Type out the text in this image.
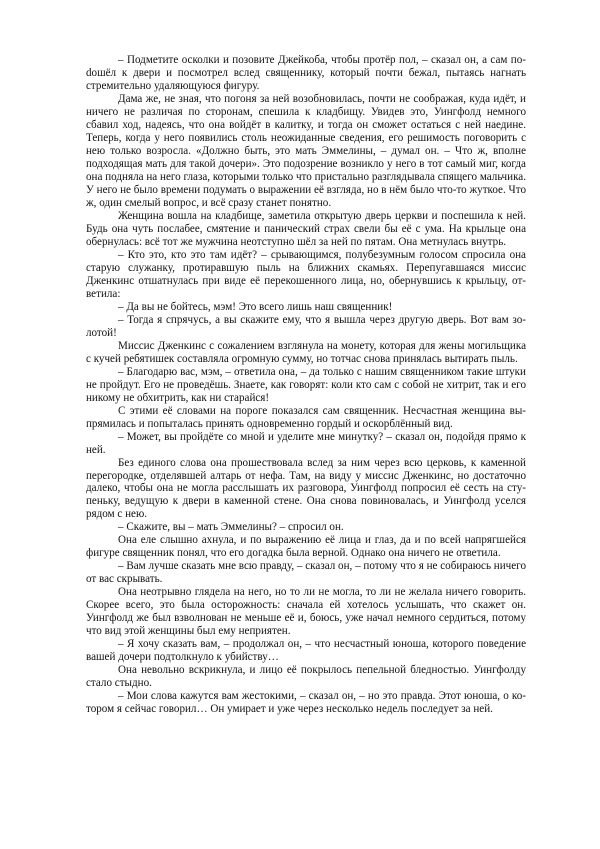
– Подметите осколки и позовите Джейкоба, чтобы протёр пол, – сказал он, а сам поdошёл к двери и посмотрел вслед священнику, который почти бежал, пытаясь нагнать стремительно удаляющуюся фигуру.

Дама же, не зная, что погоня за ней возобновилась, почти не соображая, куда идёт, и ничего не различая по сторонам, спешила к кладбищу. Увидев это, Уингфолд немного сбавил ход, надеясь, что она войдёт в калитку, и тогда он сможет остаться с ней наедине. Теперь, когда у него появились столь неожиданные сведения, его решимость поговорить с нею только возросла. «Должно быть, это мать Эммелины, – думал он. – Что ж, вполне подходящая мать для такой дочери». Это подозрение возникло у него в тот самый миг, когда она подняла на него глаза, которыми только что пристально разглядывала спящего мальчика. У него не было времени подумать о выражении её взгляда, но в нём было что-то жуткое. Что ж, один смелый вопрос, и всё сразу станет понятно.

Женщина вошла на кладбище, заметила открытую дверь церкви и поспешила к ней. Будь она чуть послабее, смятение и панический страх свели бы её с ума. На крыльце она обернулась: всё тот же мужчина неотступно шёл за ней по пятам. Она метнулась внутрь.

– Кто это, кто это там идёт? – срывающимся, полубезумным голосом спросила она старую служанку, протиравшую пыль на ближних скамьях. Перепугавшаяся миссис Дженкинс отшатнулась при виде её перекошенного лица, но, обернувшись к крыльцу, ответила:

– Да вы не бойтесь, мэм! Это всего лишь наш священник!

– Тогда я спрячусь, а вы скажите ему, что я вышла через другую дверь. Вот вам золотой!

Миссис Дженкинс с сожалением взглянула на монету, которая для жены могильщика с кучей ребятишек составляла огромную сумму, но тотчас снова принялась вытирать пыль.

– Благодарю вас, мэм, – ответила она, – да только с нашим священником такие штуки не пройдут. Его не проведёшь. Знаете, как говорят: коли кто сам с собой не хитрит, так и его никому не обхитрить, как ни старайся!

С этими её словами на пороге показался сам священник. Несчастная женщина выпрямилась и попыталась принять одновременно гордый и оскорблённый вид.

– Может, вы пройдёте со мной и уделите мне минутку? – сказал он, подойдя прямо к ней.

Без единого слова она прошествовала вслед за ним через всю церковь, к каменной перегородке, отделявшей алтарь от нефа. Там, на виду у миссис Дженкинс, но достаточно далеко, чтобы она не могла расслышать их разговора, Уингфолд попросил её сесть на ступеньку, ведущую к двери в каменной стене. Она снова повиновалась, и Уингфолд уселся рядом с нею.

– Скажите, вы – мать Эммелины? – спросил он.

Она еле слышно ахнула, и по выражению её лица и глаз, да и по всей напрягшейся фигуре священник понял, что его догадка была верной. Однако она ничего не ответила.

– Вам лучше сказать мне всю правду, – сказал он, – потому что я не собираюсь ничего от вас скрывать.

Она неотрывно глядела на него, но то ли не могла, то ли не желала ничего говорить. Скорее всего, это была осторожность: сначала ей хотелось услышать, что скажет он. Уингфолд же был взволнован не меньше её и, боюсь, уже начал немного сердиться, потому что вид этой женщины был ему неприятен.

– Я хочу сказать вам, – продолжал он, – что несчастный юноша, которого поведение вашей дочери подтолкнуло к убийству…

Она невольно вскрикнула, и лицо её покрылось пепельной бледностью. Уингфолду стало стыдно.

– Мои слова кажутся вам жестокими, – сказал он, – но это правда. Этот юноша, о котором я сейчас говорил… Он умирает и уже через несколько недель последует за ней.
